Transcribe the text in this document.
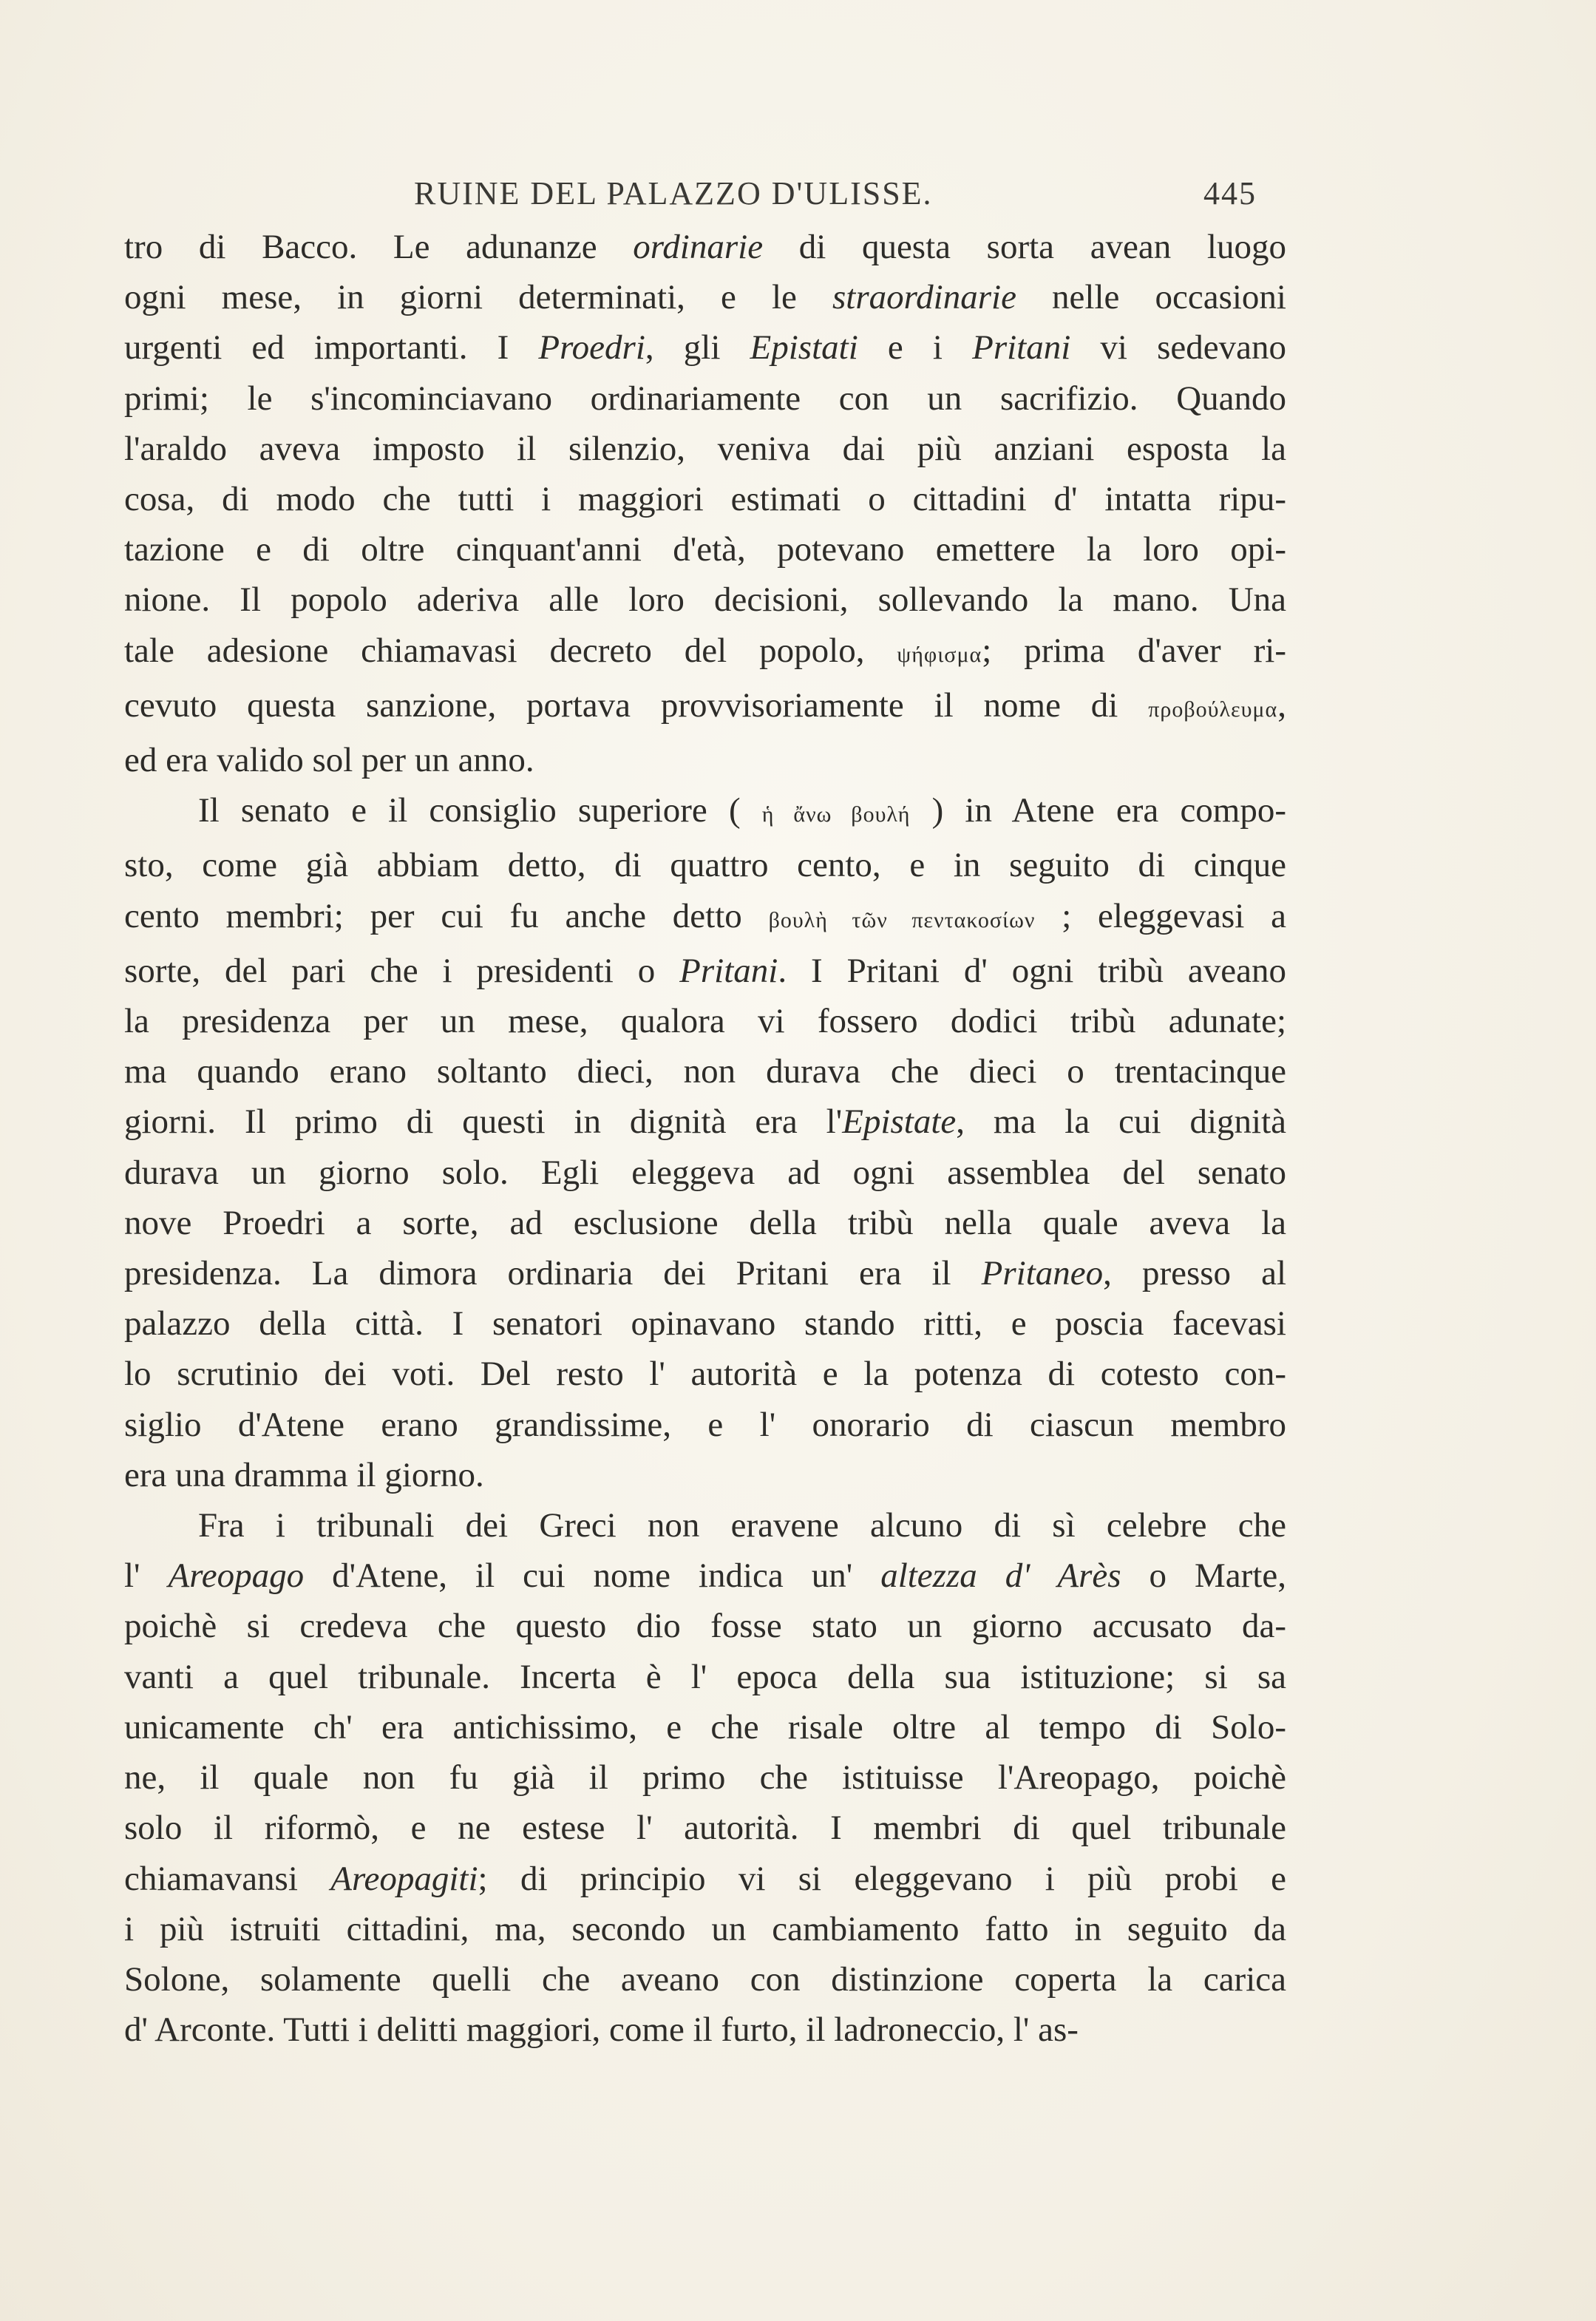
RUINE DEL PALAZZO D'ULISSE.	445
tro di Bacco. Le adunanze ordinarie di questa sorta avean luogo
ogni mese, in giorni determinati, e le straordinarie nelle occasioni
urgenti ed importanti. I Proedri, gli Epistati e i Pritani vi sedevano
primi; le s'incominciavano ordinariamente con un sacrifizio. Quando
l'araldo aveva imposto il silenzio, veniva dai più anziani esposta la
cosa, di modo che tutti i maggiori estimati o cittadini d' intatta ripu-
tazione e di oltre cinquant'anni d'età, potevano emettere la loro opi-
nione. Il popolo aderiva alle loro decisioni, sollevando la mano. Una
tale adesione chiamavasi decreto del popolo, ψήφισμα; prima d'aver ri-
cevuto questa sanzione, portava provvisoriamente il nome di προβούλευμα,
ed era valido sol per un anno.
Il senato e il consiglio superiore ( ἡ ἄνω βουλή ) in Atene era compo-
sto, come già abbiam detto, di quattro cento, e in seguito di cinque
cento membri; per cui fu anche detto βουλὴ τῶν πεντακοσίων ; eleggevasi a
sorte, del pari che i presidenti o Pritani. I Pritani d' ogni tribù aveano
la presidenza per un mese, qualora vi fossero dodici tribù adunate;
ma quando erano soltanto dieci, non durava che dieci o trentacinque
giorni. Il primo di questi in dignità era l'Epistate, ma la cui dignità
durava un giorno solo. Egli eleggeva ad ogni assemblea del senato
nove Proedri a sorte, ad esclusione della tribù nella quale aveva la
presidenza. La dimora ordinaria dei Pritani era il Pritaneo, presso al
palazzo della città. I senatori opinavano stando ritti, e poscia facevasi
lo scrutinio dei voti. Del resto l' autorità e la potenza di cotesto con-
siglio d'Atene erano grandissime, e l' onorario di ciascun membro
era una dramma il giorno.
Fra i tribunali dei Greci non eravene alcuno di sì celebre che
l' Areopago d'Atene, il cui nome indica un' altezza d' Arès o Marte,
poichè si credeva che questo dio fosse stato un giorno accusato da-
vanti a quel tribunale. Incerta è l' epoca della sua istituzione; si sa
unicamente ch' era antichissimo, e che risale oltre al tempo di Solo-
ne, il quale non fu già il primo che istituisse l'Areopago, poichè
solo il riformò, e ne estese l' autorità. I membri di quel tribunale
chiamavansi Areopagiti; di principio vi si eleggevano i più probi e
i più istruiti cittadini, ma, secondo un cambiamento fatto in seguito da
Solone, solamente quelli che aveano con distinzione coperta la carica
d' Arconte. Tutti i delitti maggiori, come il furto, il ladroneccio, l' as-
